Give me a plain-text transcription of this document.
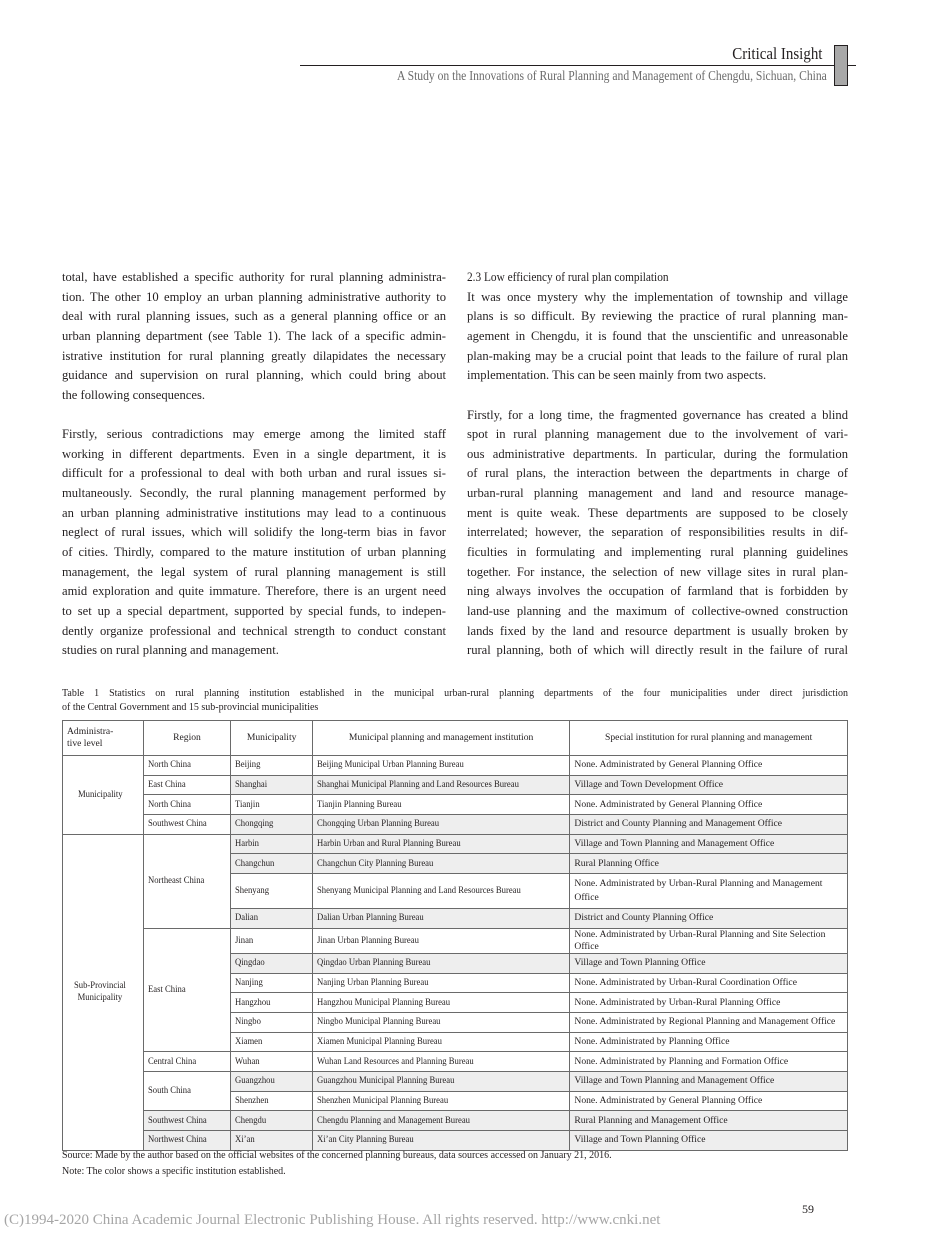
Critical Insight
A Study on the Innovations of Rural Planning and Management of Chengdu, Sichuan, China
total, have established a specific authority for rural planning administra-
tion. The other 10 employ an urban planning administrative authority to
deal with rural planning issues, such as a general planning office or an
urban planning department (see Table 1). The lack of a specific admin-
istrative institution for rural planning greatly dilapidates the necessary
guidance and supervision on rural planning, which could bring about
the following consequences.
Firstly, serious contradictions may emerge among the limited staff
working in different departments. Even in a single department, it is
difficult for a professional to deal with both urban and rural issues si-
multaneously. Secondly, the rural planning management performed by
an urban planning administrative institutions may lead to a continuous
neglect of rural issues, which will solidify the long-term bias in favor
of cities. Thirdly, compared to the mature institution of urban planning
management, the legal system of rural planning management is still
amid exploration and quite immature. Therefore, there is an urgent need
to set up a special department, supported by special funds, to indepen-
dently organize professional and technical strength to conduct constant
studies on rural planning and management.
2.3 Low efficiency of rural plan compilation
It was once mystery why the implementation of township and village
plans is so difficult. By reviewing the practice of rural planning man-
agement in Chengdu, it is found that the unscientific and unreasonable
plan-making may be a crucial point that leads to the failure of rural plan
implementation. This can be seen mainly from two aspects.
Firstly, for a long time, the fragmented governance has created a blind
spot in rural planning management due to the involvement of vari-
ous administrative departments. In particular, during the formulation
of rural plans, the interaction between the departments in charge of
urban-rural planning management and land and resource manage-
ment is quite weak. These departments are supposed to be closely
interrelated; however, the separation of responsibilities results in dif-
ficulties in formulating and implementing rural planning guidelines
together. For instance, the selection of new village sites in rural plan-
ning always involves the occupation of farmland that is forbidden by
land-use planning and the maximum of collective-owned construction
lands fixed by the land and resource department is usually broken by
rural planning, both of which will directly result in the failure of rural
Table 1 Statistics on rural planning institution established in the municipal urban-rural planning departments of the four municipalities under direct jurisdiction
of the Central Government and 15 sub-provincial municipalities
Administra-
tive level	Region	Municipality	Municipal planning and management institution	Special institution for rural planning and management
Municipality	North China	Beijing	Beijing Municipal Urban Planning Bureau	None. Administrated by General Planning Office
	East China	Shanghai	Shanghai Municipal Planning and Land Resources Bureau	Village and Town Development Office
	North China	Tianjin	Tianjin Planning Bureau	None. Administrated by General Planning Office
	Southwest China	Chongqing	Chongqing Urban Planning Bureau	District and County Planning and Management Office
Sub-Provincial
Municipality	Northeast China	Harbin	Harbin Urban and Rural Planning Bureau	Village and Town Planning and Management Office
		Changchun	Changchun City Planning Bureau	Rural Planning Office
		Shenyang	Shenyang Municipal Planning and Land Resources Bureau	None. Administrated by Urban-Rural Planning and Management Office
		Dalian	Dalian Urban Planning Bureau	District and County Planning Office
	East China	Jinan	Jinan Urban Planning Bureau	None. Administrated by Urban-Rural Planning and Site Selection Office
		Qingdao	Qingdao Urban Planning Bureau	Village and Town Planning Office
		Nanjing	Nanjing Urban Planning Bureau	None. Administrated by Urban-Rural Coordination Office
		Hangzhou	Hangzhou Municipal Planning Bureau	None. Administrated by Urban-Rural Planning Office
		Ningbo	Ningbo Municipal Planning Bureau	None. Administrated by Regional Planning and Management Office
		Xiamen	Xiamen Municipal Planning Bureau	None. Administrated by Planning Office
	Central China	Wuhan	Wuhan Land Resources and Planning Bureau	None. Administrated by Planning and Formation Office
	South China	Guangzhou	Guangzhou Municipal Planning Bureau	Village and Town Planning and Management Office
		Shenzhen	Shenzhen Municipal Planning Bureau	None. Administrated by General Planning Office
	Southwest China	Chengdu	Chengdu Planning and Management Bureau	Rural Planning and Management Office
	Northwest China	Xi’an	Xi’an City Planning Bureau	Village and Town Planning Office
Source: Made by the author based on the official websites of the concerned planning bureaus, data sources accessed on January 21, 2016.
Note: The color shows a specific institution established.
59
(C)1994-2020 China Academic Journal Electronic Publishing House. All rights reserved. http://www.cnki.net
